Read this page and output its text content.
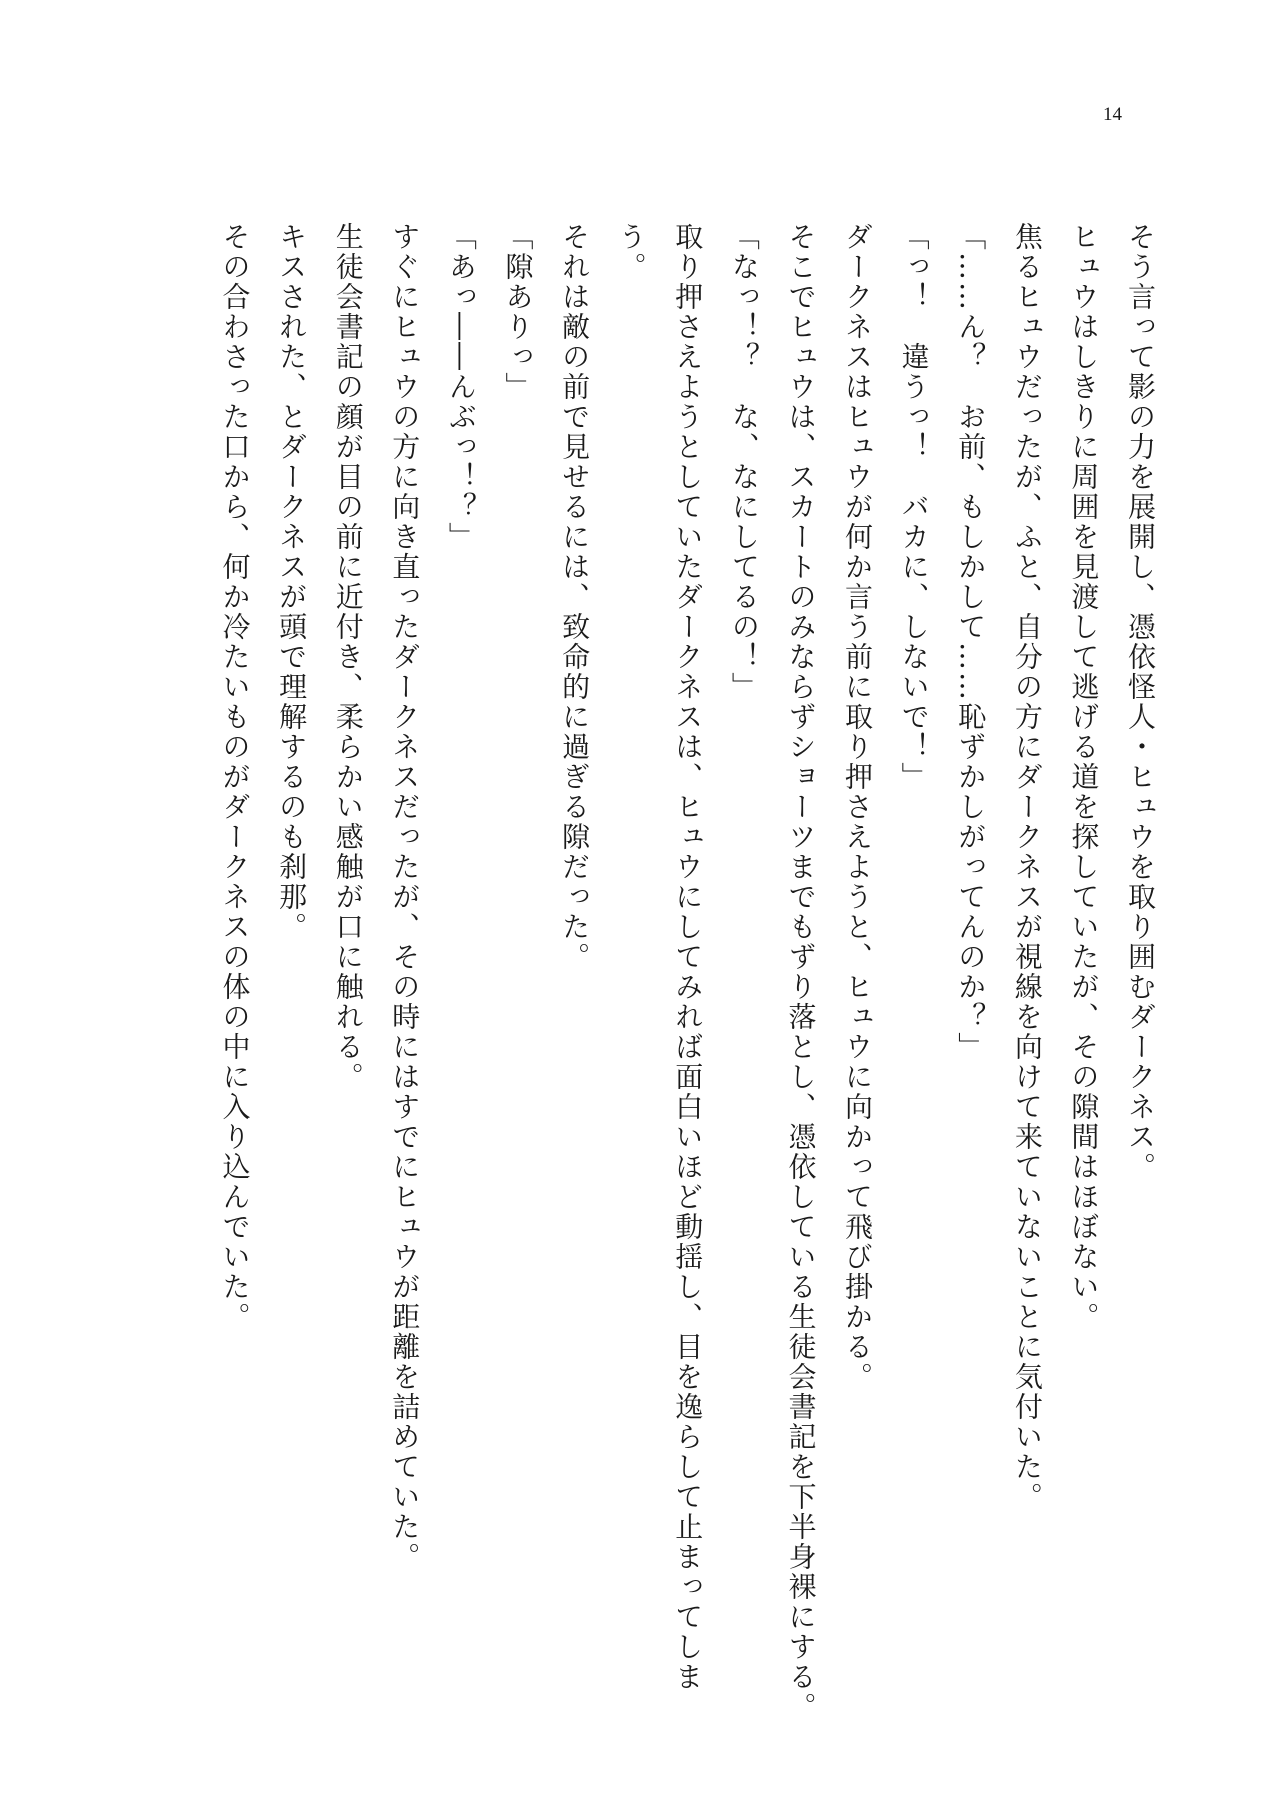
14
そう言って影の力を展開し、憑依怪人・ヒュウを取り囲むダークネス。
ヒュウはしきりに周囲を見渡して逃げる道を探していたが、その隙間はほぼない。
焦るヒュウだったが、ふと、自分の方にダークネスが視線を向けて来ていないことに気付いた。
「……ん？　お前、もしかして……恥ずかしがってんのか？」
「っ！　違うっ！　バカに、しないで！」
ダークネスはヒュウが何か言う前に取り押さえようと、ヒュウに向かって飛び掛かる。
そこでヒュウは、スカートのみならずショーツまでもずり落とし、憑依している生徒会書記を下半身裸にする。
「なっ！？　な、なにしてるの！」
取り押さえようとしていたダークネスは、ヒュウにしてみれば面白いほど動揺し、目を逸らして止まってしま
う。
それは敵の前で見せるには、致命的に過ぎる隙だった。
「隙ありっ」
「あっ――んぶっ！？」
すぐにヒュウの方に向き直ったダークネスだったが、その時にはすでにヒュウが距離を詰めていた。
生徒会書記の顔が目の前に近付き、柔らかい感触が口に触れる。
キスされた、とダークネスが頭で理解するのも刹那。
その合わさった口から、何か冷たいものがダークネスの体の中に入り込んでいた。
